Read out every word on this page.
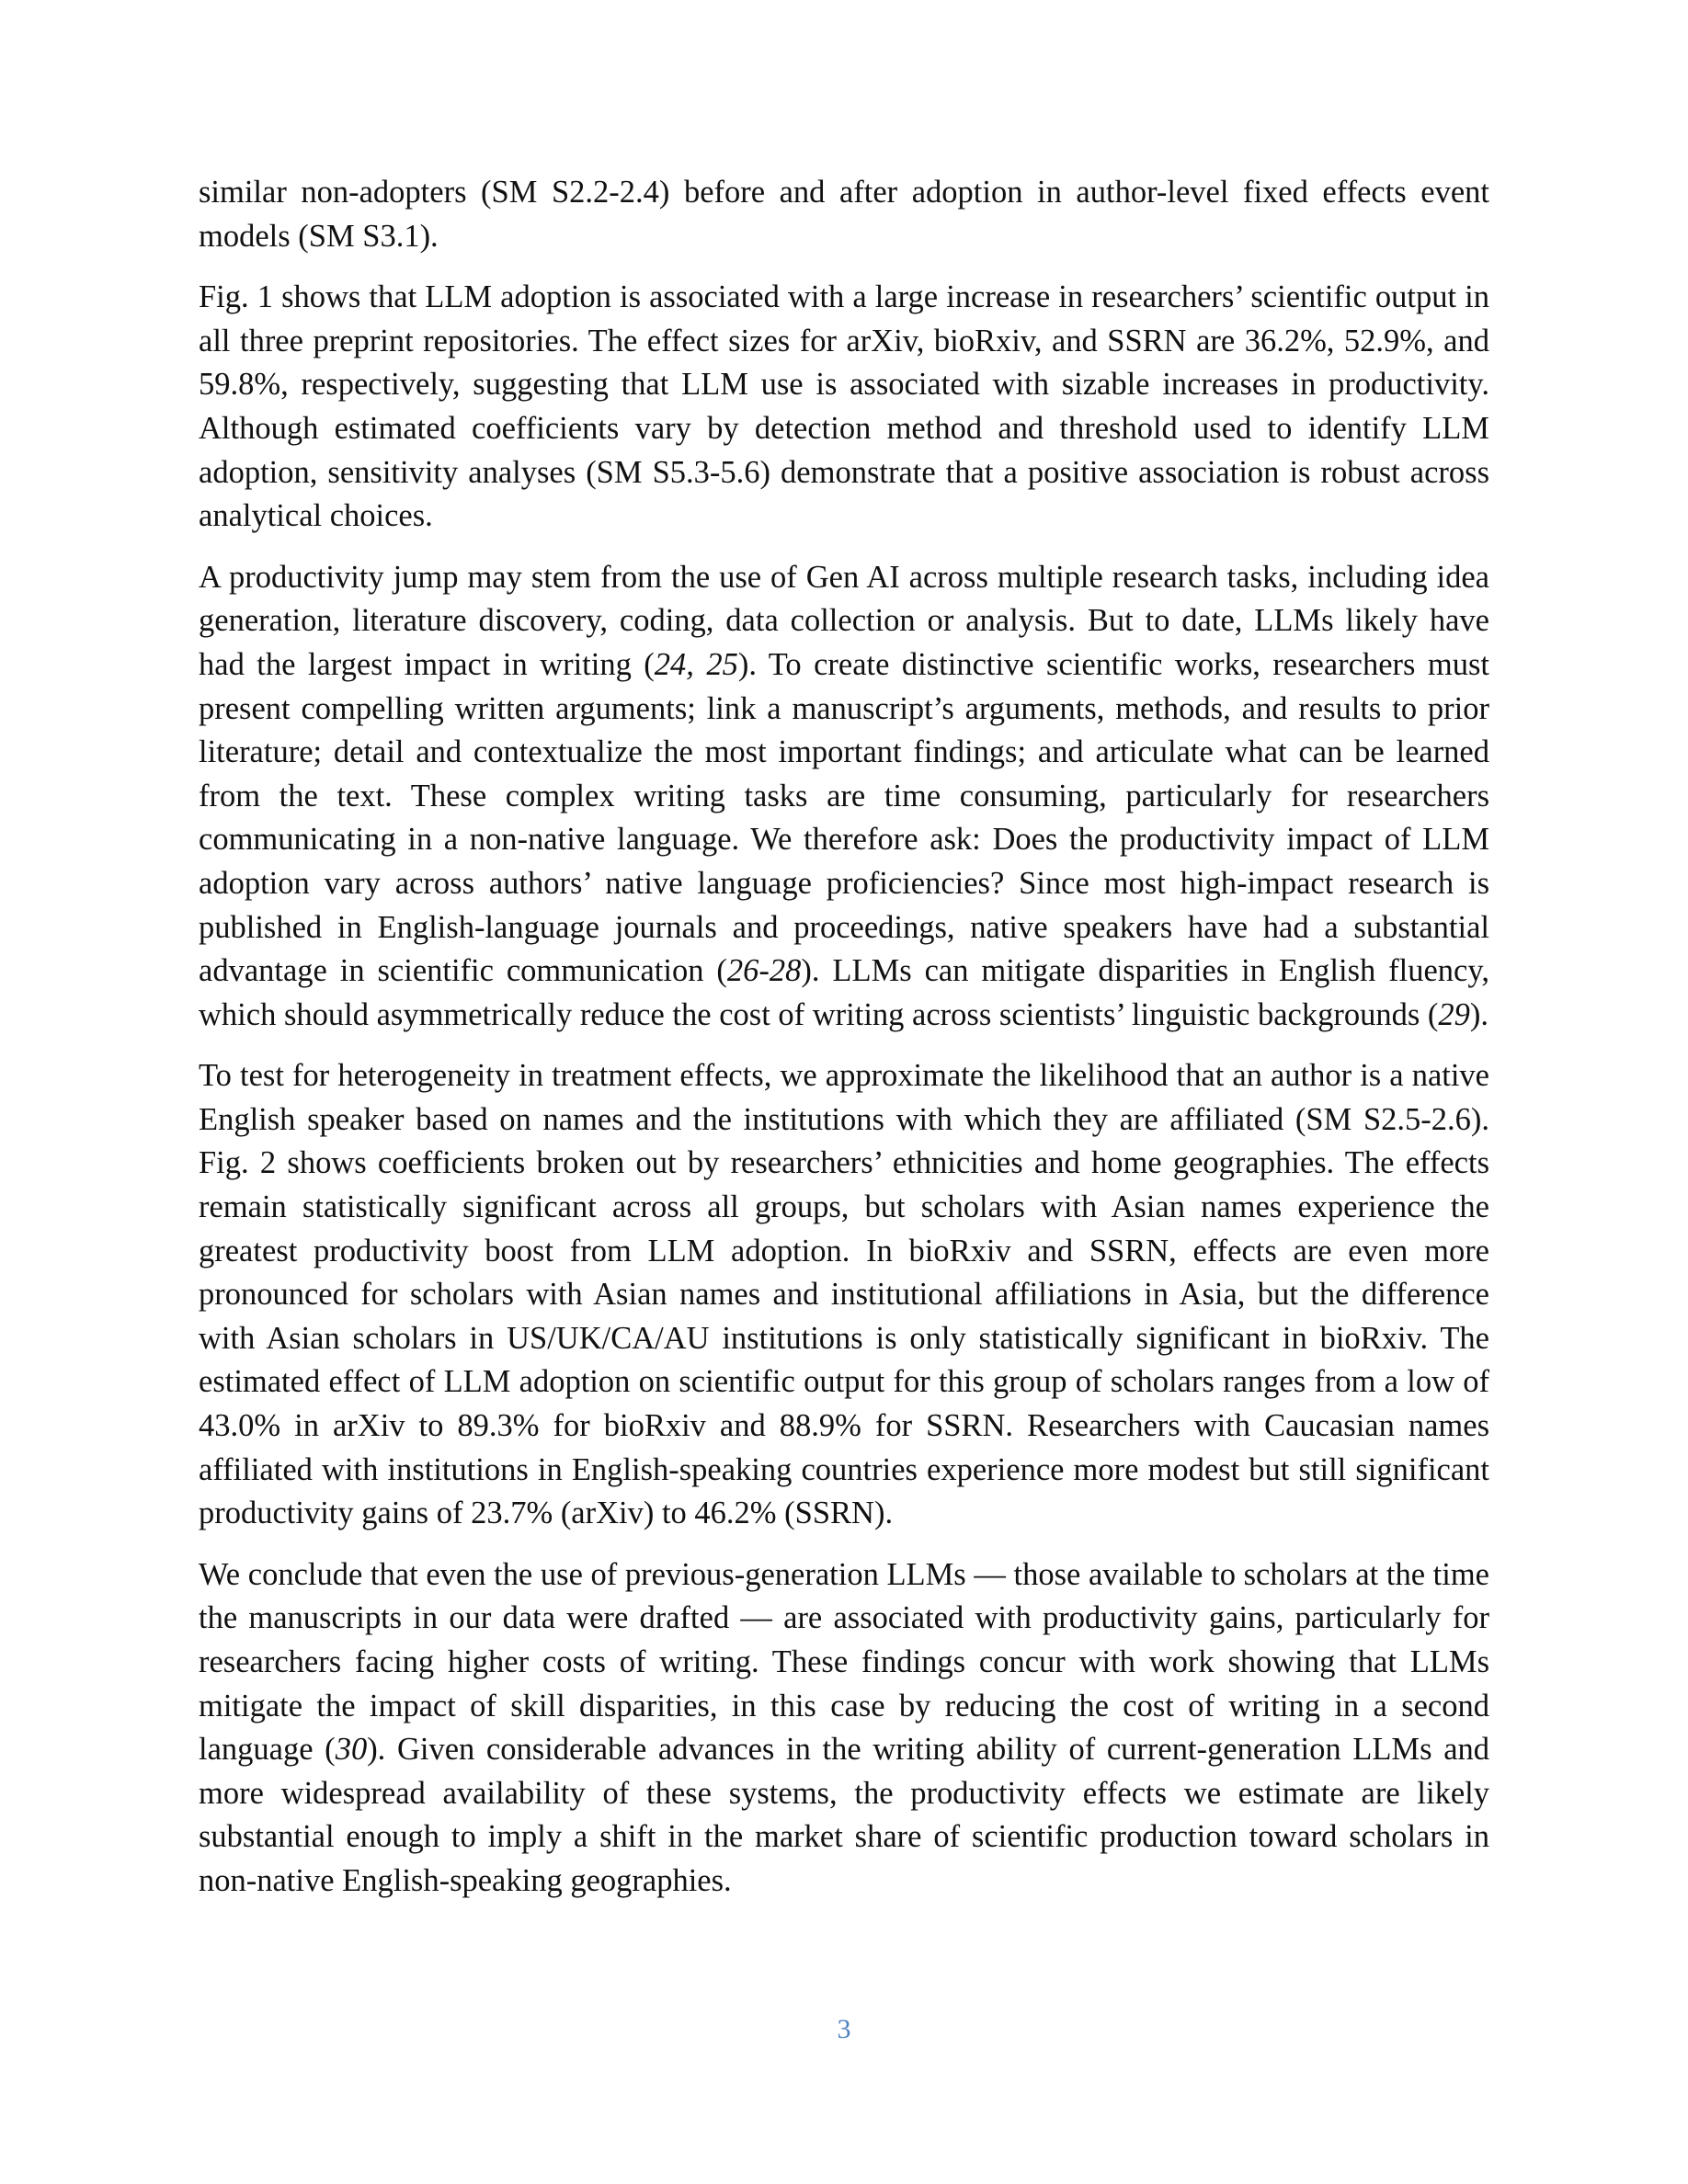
similar non-adopters (SM S2.2-2.4) before and after adoption in author-level fixed effects event models (SM S3.1).

Fig. 1 shows that LLM adoption is associated with a large increase in researchers’ scientific output in all three preprint repositories. The effect sizes for arXiv, bioRxiv, and SSRN are 36.2%, 52.9%, and 59.8%, respectively, suggesting that LLM use is associated with sizable increases in productivity. Although estimated coefficients vary by detection method and threshold used to identify LLM adoption, sensitivity analyses (SM S5.3-5.6) demonstrate that a positive association is robust across analytical choices.

A productivity jump may stem from the use of Gen AI across multiple research tasks, including idea generation, literature discovery, coding, data collection or analysis. But to date, LLMs likely have had the largest impact in writing (24, 25). To create distinctive scientific works, researchers must present compelling written arguments; link a manuscript’s arguments, methods, and results to prior literature; detail and contextualize the most important findings; and articulate what can be learned from the text. These complex writing tasks are time consuming, particularly for researchers communicating in a non-native language. We therefore ask: Does the productivity impact of LLM adoption vary across authors’ native language proficiencies? Since most high-impact research is published in English-language journals and proceedings, native speakers have had a substantial advantage in scientific communication (26-28). LLMs can mitigate disparities in English fluency, which should asymmetrically reduce the cost of writing across scientists’ linguistic backgrounds (29).

To test for heterogeneity in treatment effects, we approximate the likelihood that an author is a native English speaker based on names and the institutions with which they are affiliated (SM S2.5-2.6). Fig. 2 shows coefficients broken out by researchers’ ethnicities and home geographies. The effects remain statistically significant across all groups, but scholars with Asian names experience the greatest productivity boost from LLM adoption. In bioRxiv and SSRN, effects are even more pronounced for scholars with Asian names and institutional affiliations in Asia, but the difference with Asian scholars in US/UK/CA/AU institutions is only statistically significant in bioRxiv. The estimated effect of LLM adoption on scientific output for this group of scholars ranges from a low of 43.0% in arXiv to 89.3% for bioRxiv and 88.9% for SSRN. Researchers with Caucasian names affiliated with institutions in English-speaking countries experience more modest but still significant productivity gains of 23.7% (arXiv) to 46.2% (SSRN).

We conclude that even the use of previous-generation LLMs — those available to scholars at the time the manuscripts in our data were drafted — are associated with productivity gains, particularly for researchers facing higher costs of writing. These findings concur with work showing that LLMs mitigate the impact of skill disparities, in this case by reducing the cost of writing in a second language (30). Given considerable advances in the writing ability of current-generation LLMs and more widespread availability of these systems, the productivity effects we estimate are likely substantial enough to imply a shift in the market share of scientific production toward scholars in non-native English-speaking geographies.

3
